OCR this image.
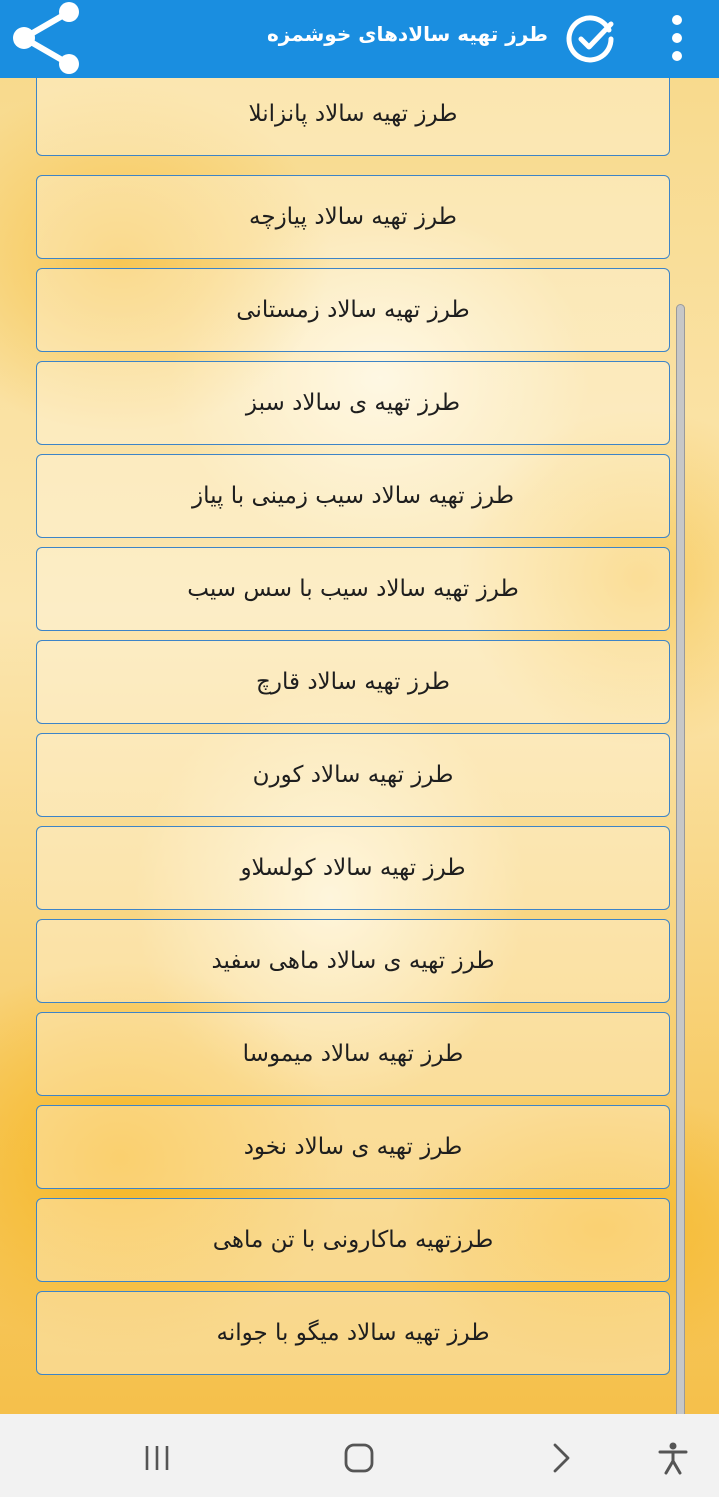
طرز تهیه سالادهای خوشمزه
طرز تهیه سالاد پانزانلا
طرز تهیه سالاد پیازچه
طرز تهیه سالاد زمستانی
طرز تهیه ی سالاد سبز
طرز تهیه سالاد سیب زمینی با پیاز
طرز تهیه سالاد سیب با سس سیب
طرز تهیه سالاد قارچ
طرز تهیه سالاد کورن
طرز تهیه سالاد کولسلاو
طرز تهیه ی سالاد ماهی سفید
طرز تهیه سالاد میموسا
طرز تهیه ی سالاد نخود
طرزتهیه ماکارونی با تن ماهی
طرز تهیه سالاد میگو با جوانه
